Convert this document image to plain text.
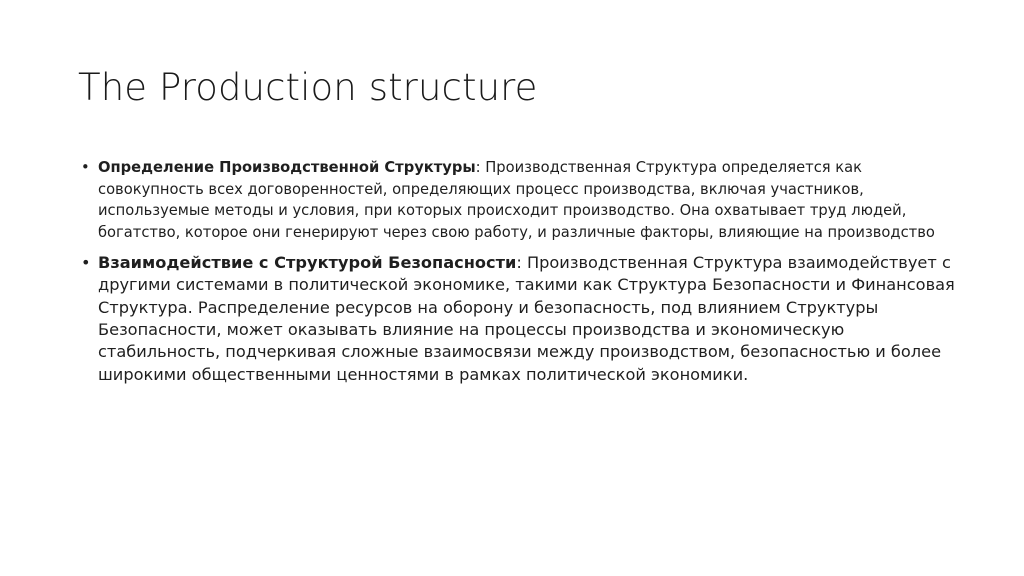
The Production structure
• Определение Производственной Структуры: Производственная Структура определяется как совокупность всех договоренностей, определяющих процесс производства, включая участников, используемые методы и условия, при которых происходит производство. Она охватывает труд людей, богатство, которое они генерируют через свою работу, и различные факторы, влияющие на производство
• Взаимодействие с Структурой Безопасности: Производственная Структура взаимодействует с другими системами в политической экономике, такими как Структура Безопасности и Финансовая Структура. Распределение ресурсов на оборону и безопасность, под влиянием Структуры Безопасности, может оказывать влияние на процессы производства и экономическую стабильность, подчеркивая сложные взаимосвязи между производством, безопасностью и более широкими общественными ценностями в рамках политической экономики.
